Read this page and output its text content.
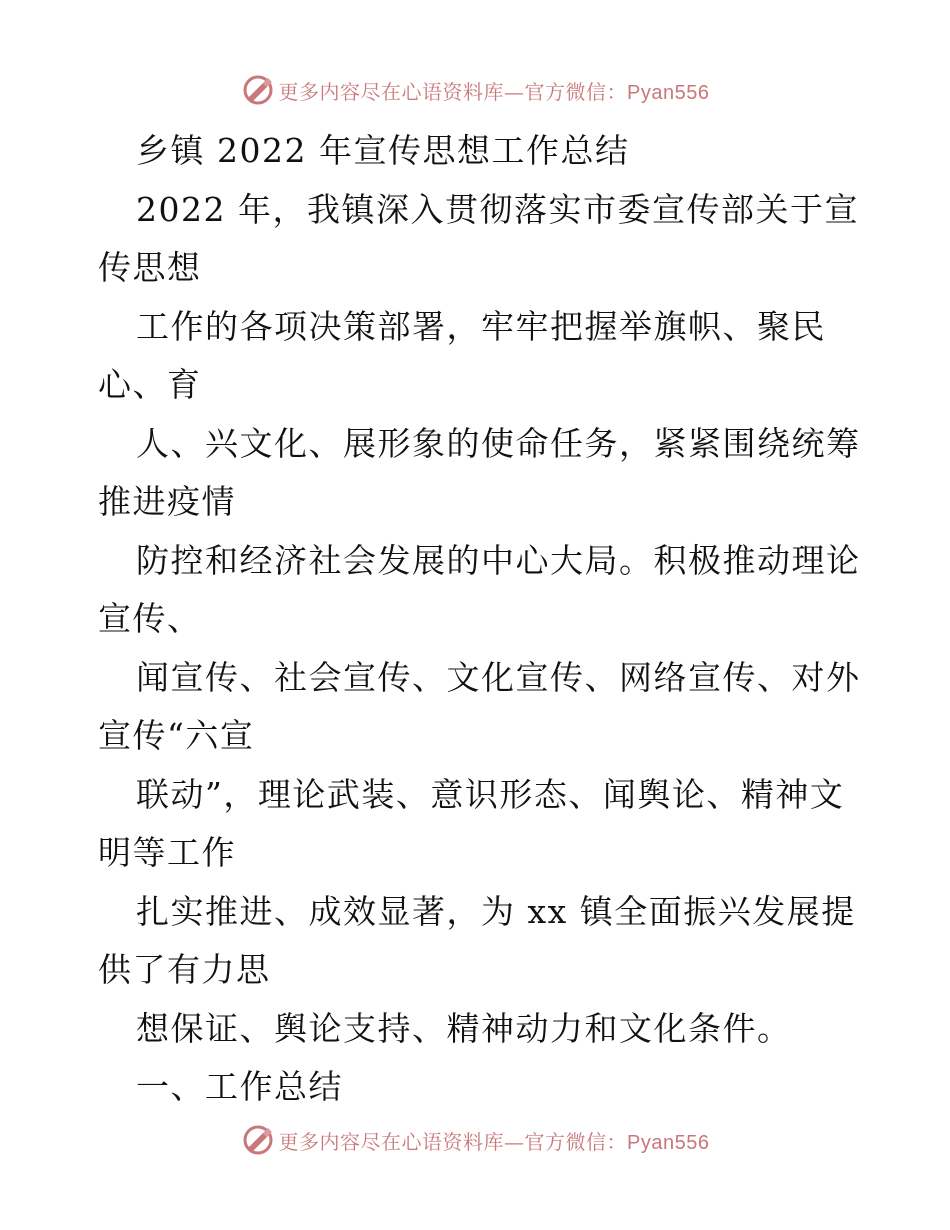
更多内容尽在心语资料库—官方微信：Pyan556
乡镇 2022 年宣传思想工作总结
2022 年，我镇深入贯彻落实市委宣传部关于宣
传思想
工作的各项决策部署，牢牢把握举旗帜、聚民
心、育
人、兴文化、展形象的使命任务，紧紧围绕统筹
推进疫情
防控和经济社会发展的中心大局。积极推动理论
宣传、
闻宣传、社会宣传、文化宣传、网络宣传、对外
宣传“六宣
联动”，理论武装、意识形态、闻舆论、精神文
明等工作
扎实推进、成效显著，为 xx 镇全面振兴发展提
供了有力思
想保证、舆论支持、精神动力和文化条件。
一、工作总结
更多内容尽在心语资料库—官方微信：Pyan556
